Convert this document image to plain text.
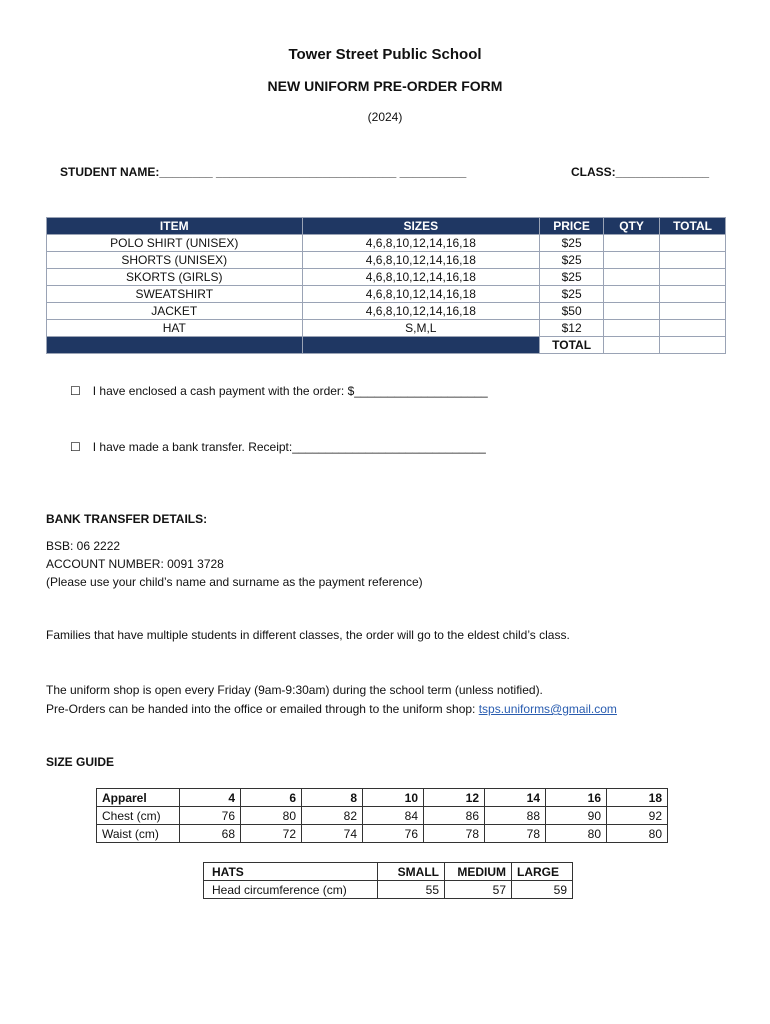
Tower Street Public School
NEW UNIFORM PRE-ORDER FORM
(2024)
STUDENT NAME:________ ___________________________ __________	CLASS:______________
ITEM	SIZES	PRICE	QTY	TOTAL
POLO SHIRT (UNISEX)	4,6,8,10,12,14,16,18	$25		
SHORTS (UNISEX)	4,6,8,10,12,14,16,18	$25		
SKORTS (GIRLS)	4,6,8,10,12,14,16,18	$25		
SWEATSHIRT	4,6,8,10,12,14,16,18	$25		
JACKET	4,6,8,10,12,14,16,18	$50		
HAT	S,M,L	$12		
		TOTAL		
☐ I have enclosed a cash payment with the order: $____________________
☐ I have made a bank transfer. Receipt:_____________________________
BANK TRANSFER DETAILS:
BSB: 06 2222
ACCOUNT NUMBER: 0091 3728
(Please use your child’s name and surname as the payment reference)
Families that have multiple students in different classes, the order will go to the eldest child’s class.
The uniform shop is open every Friday (9am-9:30am) during the school term (unless notified).
Pre-Orders can be handed into the office or emailed through to the uniform shop: tsps.uniforms@gmail.com
SIZE GUIDE
Apparel	4	6	8	10	12	14	16	18
Chest (cm)	76	80	82	84	86	88	90	92
Waist (cm)	68	72	74	76	78	78	80	80
HATS	SMALL	MEDIUM	LARGE
Head circumference (cm)	55	57	59
